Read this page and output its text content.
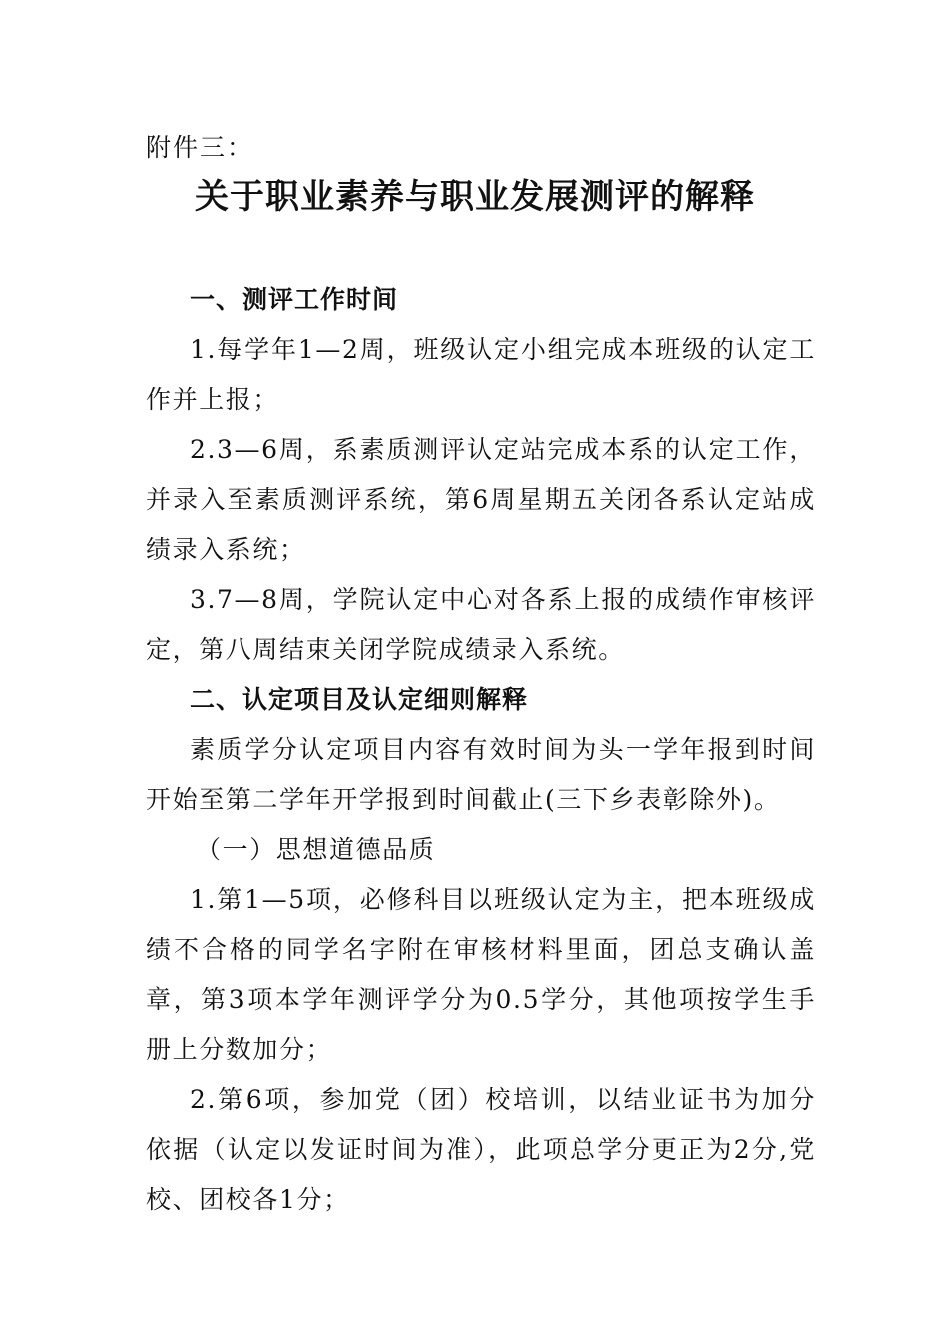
附件三：
关于职业素养与职业发展测评的解释

一、测评工作时间

1.每学年1—2周，班级认定小组完成本班级的认定工作并上报；

2.3—6周，系素质测评认定站完成本系的认定工作，并录入至素质测评系统，第6周星期五关闭各系认定站成绩录入系统；

3.7—8周，学院认定中心对各系上报的成绩作审核评定，第八周结束关闭学院成绩录入系统。

二、认定项目及认定细则解释

素质学分认定项目内容有效时间为头一学年报到时间开始至第二学年开学报到时间截止(三下乡表彰除外)。

（一）思想道德品质

1.第1—5项，必修科目以班级认定为主，把本班级成绩不合格的同学名字附在审核材料里面，团总支确认盖章，第3项本学年测评学分为0.5学分，其他项按学生手册上分数加分；

2.第6项，参加党（团）校培训，以结业证书为加分依据（认定以发证时间为准），此项总学分更正为2分,党校、团校各1分；
